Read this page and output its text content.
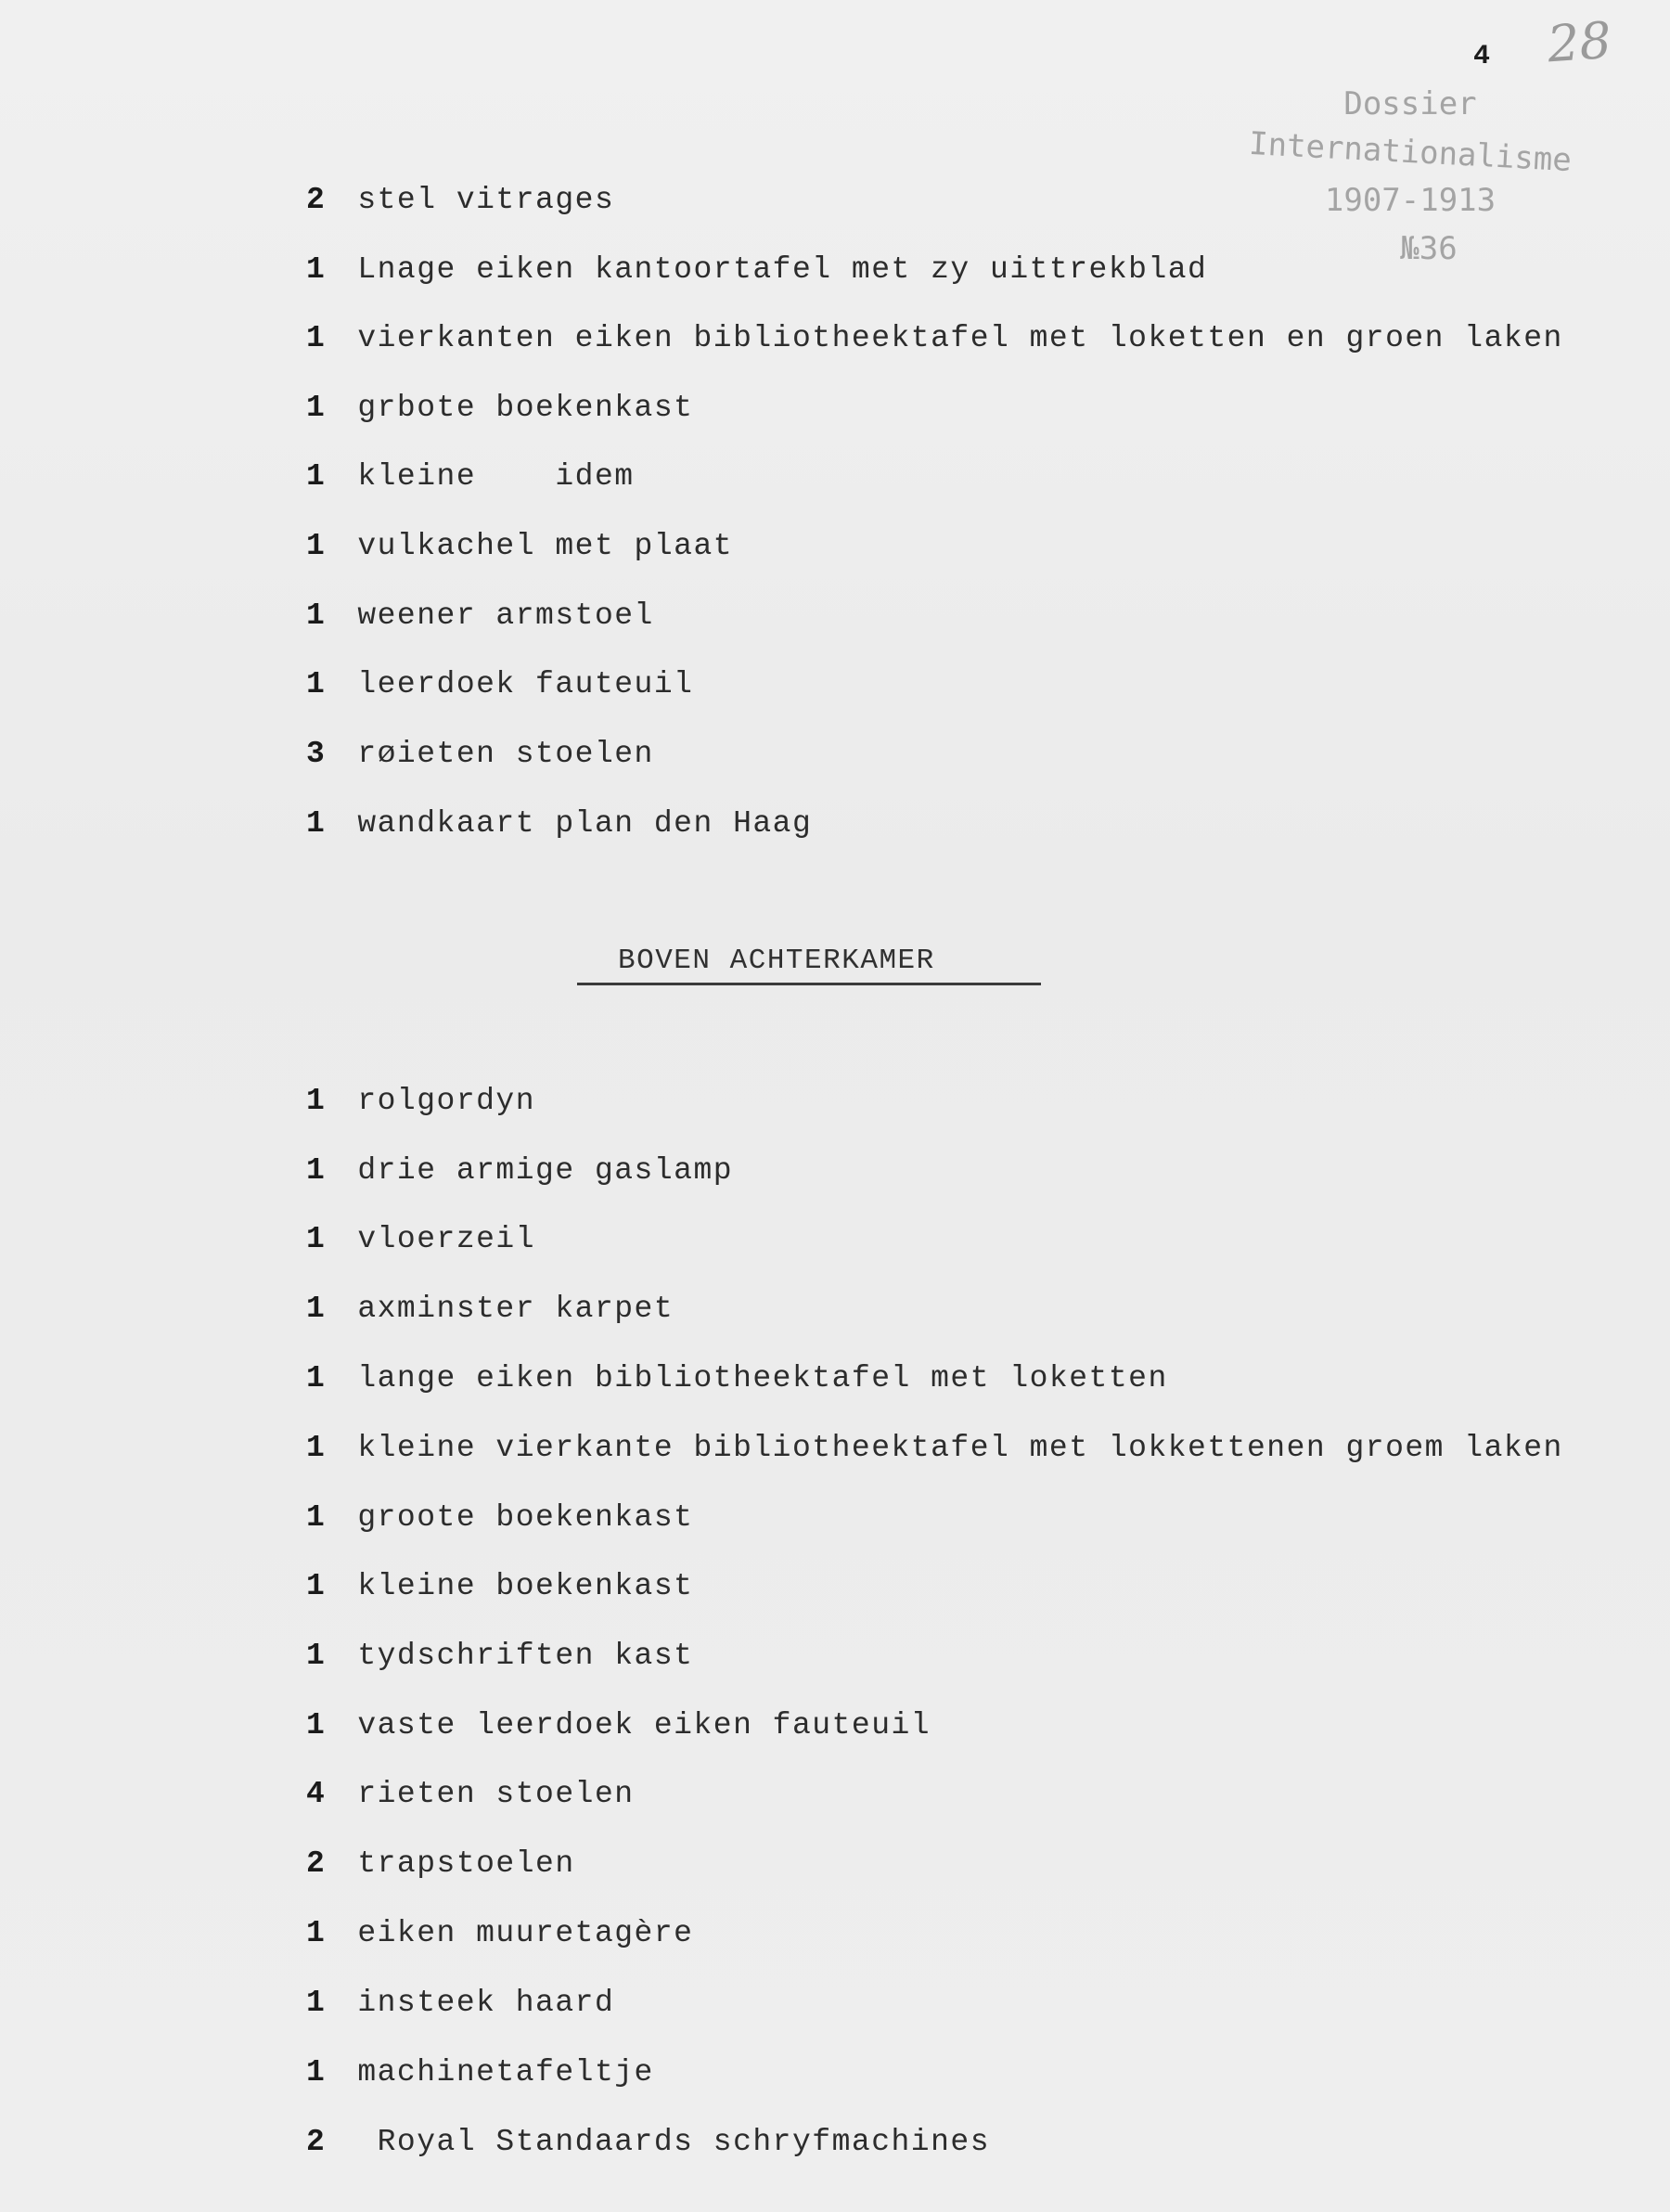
4 28
Dossier
Internationalisme
1907-1913
№36
2 stel vitrages
1 Lnage eiken kantoortafel met zy uittrekblad
1 vierkanten eiken bibliotheektafel met loketten en groen laken
1 grbote boekenkast
1 kleine    idem
1 vulkachel met plaat
1 weener armstoel
1 leerdoek fauteuil
3 røieten stoelen
1 wandkaart plan den Haag
BOVEN ACHTERKAMER
1 rolgordyn
1 drie armige gaslamp
1 vloerzeil
1 axminster karpet
1 lange eiken bibliotheektafel met loketten
1 kleine vierkante bibliotheektafel met lokkettenen groem laken
1 groote boekenkast
1 kleine boekenkast
1 tydschriften kast
1 vaste leerdoek eiken fauteuil
4 rieten stoelen
2 trapstoelen
1 eiken muuretagère
1 insteek haard
1 machinetafeltje
2  Royal Standaards schryfmachines
